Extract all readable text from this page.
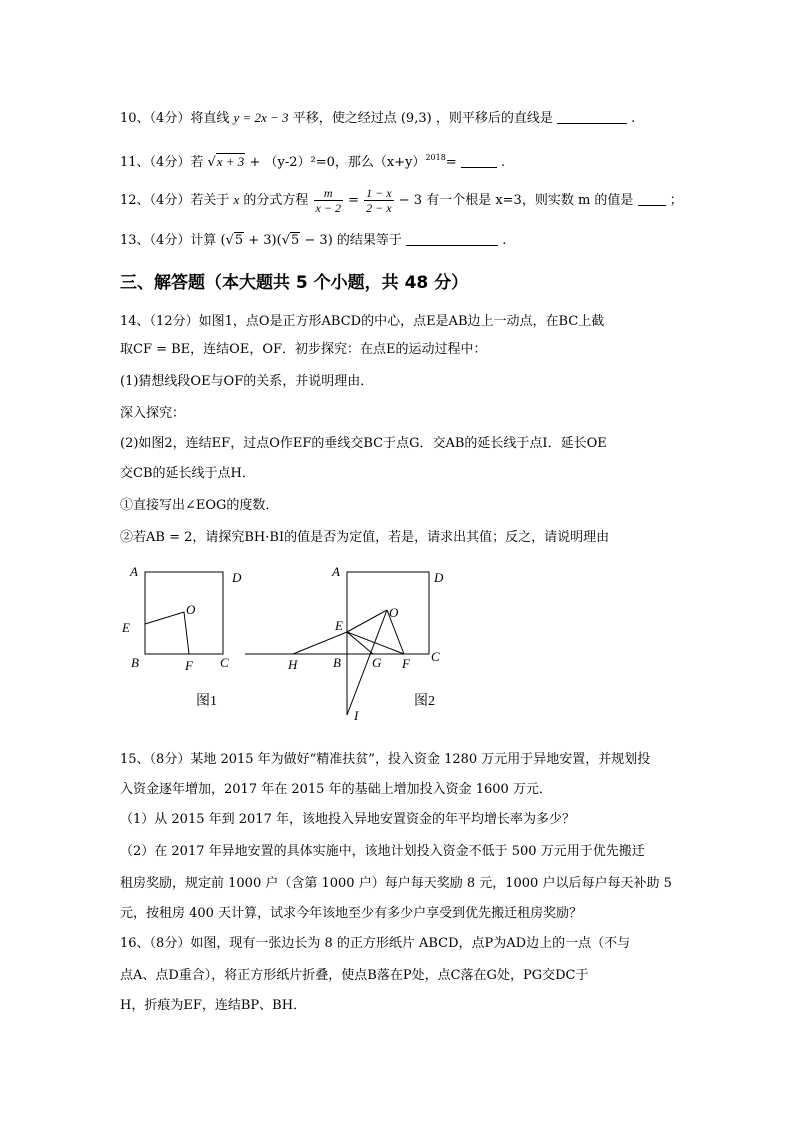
10、（4分）将直线 y = 2x − 3 平移，使之经过点 (9,3) ，则平移后的直线是	.
11、（4分）若 √x + 3 + （y-2）²=0，那么$(x+y)^{2018}=$	.
12、（4分）若关于 x 的分式方程 $\frac{m}{x - 2} = \frac{1 - x}{2 - x} - 3$ 有一个根是 x=3，则实数 m 的值是	；
13、（4分）计算 (√5 + 3)(√5 − 3) 的结果等于	.
三、解答题（本大题共 5 个小题，共 48 分）
14、（12分）如图1，点O是正方形ABCD的中心，点E是AB边上一动点，在BC上截
取CF = BE，连结OE，OF．初步探究：在点E的运动过程中：
(1)猜想线段OE与OF的关系，并说明理由．
深入探究：
(2)如图2，连结EF，过点O作EF的垂线交BC于点G．交AB的延长线于点I．延长OE
交CB的延长线于点H．
①直接写出∠EOG的度数．
②若AB = 2，请探究BH·BI的值是否为定值，若是，请求出其值；反之，请说明理由
A	D
E
O
B	F C
图1
A	D
E
O
H	B G F C
I
图2
15、（8分）某地 2015 年为做好“精准扶贫”，投入资金 1280 万元用于异地安置，并规划投
入资金逐年增加，2017 年在 2015 年的基础上增加投入资金 1600 万元．
（1）从 2015 年到 2017 年，该地投入异地安置资金的年平均增长率为多少？
（2）在 2017 年异地安置的具体实施中，该地计划投入资金不低于 500 万元用于优先搬迁
租房奖励，规定前 1000 户（含第 1000 户）每户每天奖励 8 元，1000 户以后每户每天补助 5
元，按租房 400 天计算，试求今年该地至少有多少户享受到优先搬迁租房奖励？
16、（8分）如图，现有一张边长为 8 的正方形纸片 ABCD，点P为AD边上的一点（不与
点A、点D重合），将正方形纸片折叠，使点B落在P处，点C落在G处，PG交DC于
H，折痕为EF，连结BP、BH．
